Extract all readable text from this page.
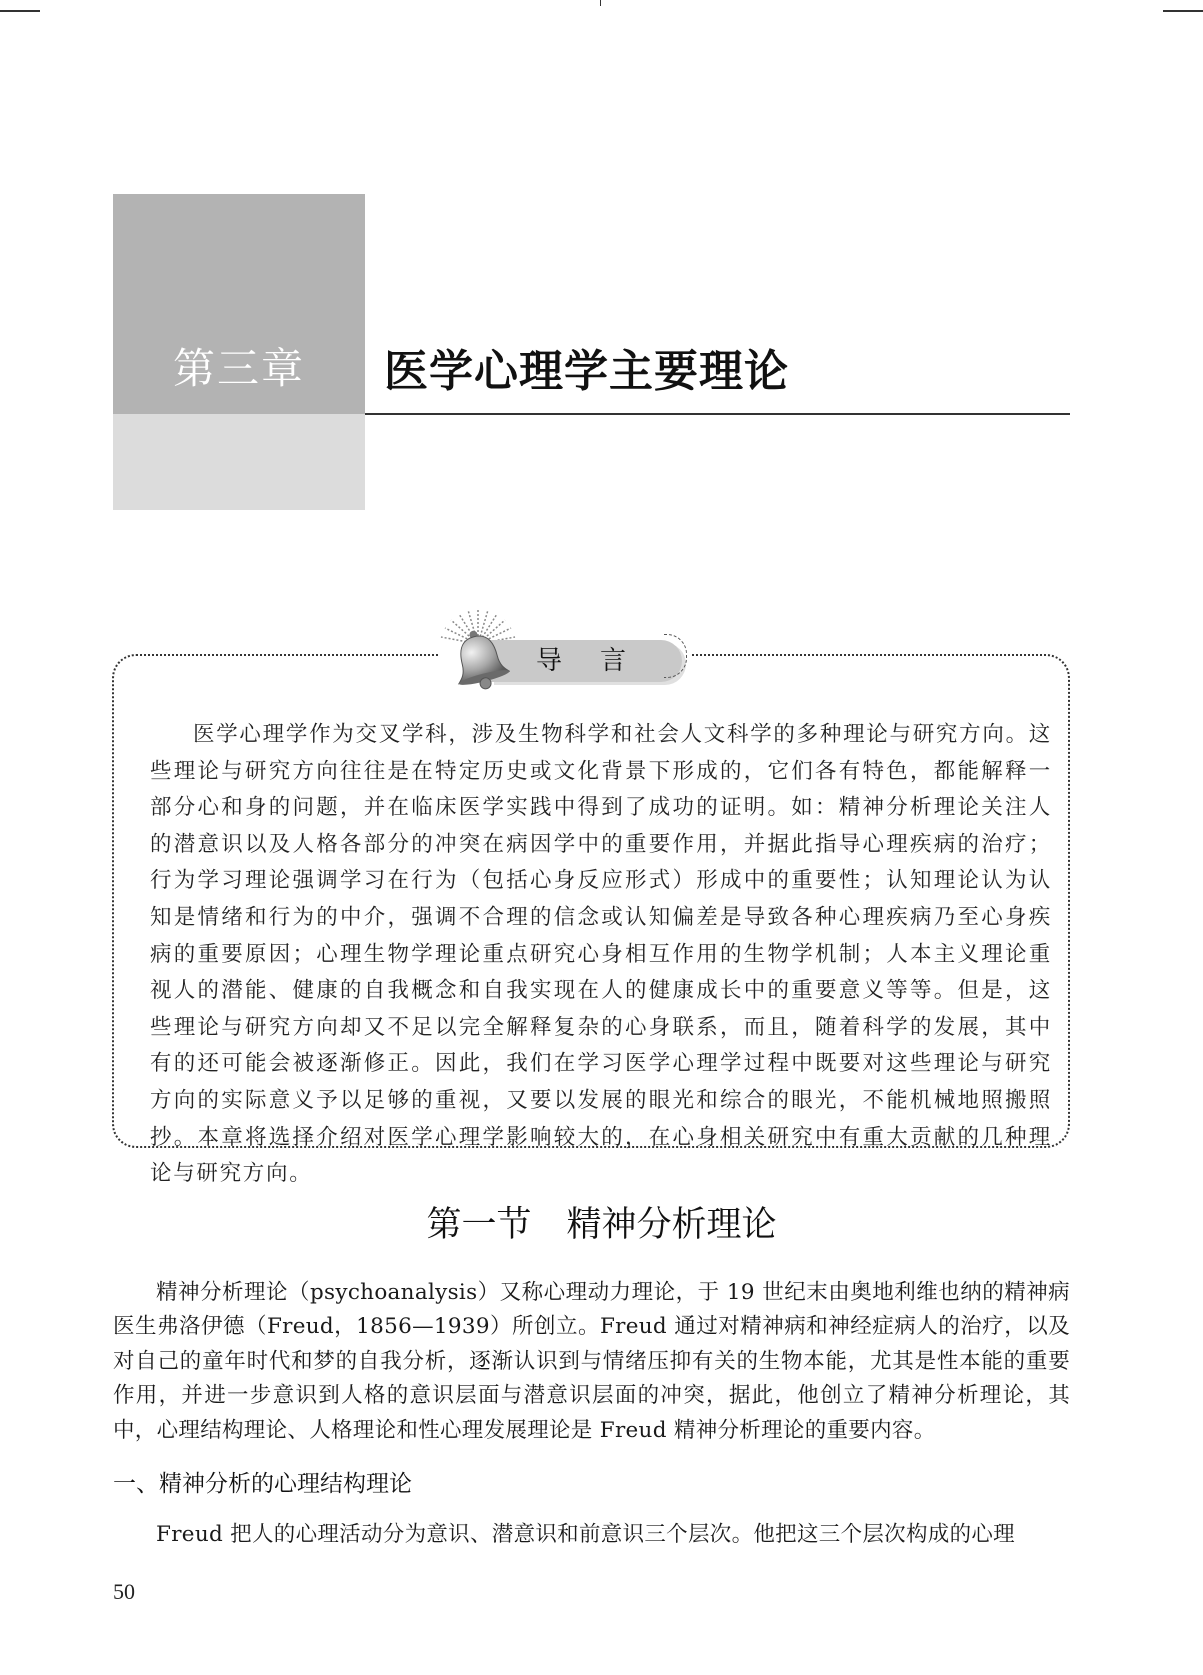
第三章	医学心理学主要理论
导言

医学心理学作为交叉学科，涉及生物科学和社会人文科学的多种理论与研究方向。这些理论与研究方向往往是在特定历史或文化背景下形成的，它们各有特色，都能解释一部分心和身的问题，并在临床医学实践中得到了成功的证明。如：精神分析理论关注人的潜意识以及人格各部分的冲突在病因学中的重要作用，并据此指导心理疾病的治疗；行为学习理论强调学习在行为（包括心身反应形式）形成中的重要性；认知理论认为认知是情绪和行为的中介，强调不合理的信念或认知偏差是导致各种心理疾病乃至心身疾病的重要原因；心理生物学理论重点研究心身相互作用的生物学机制；人本主义理论重视人的潜能、健康的自我概念和自我实现在人的健康成长中的重要意义等等。但是，这些理论与研究方向却又不足以完全解释复杂的心身联系，而且，随着科学的发展，其中有的还可能会被逐渐修正。因此，我们在学习医学心理学过程中既要对这些理论与研究方向的实际意义予以足够的重视，又要以发展的眼光和综合的眼光，不能机械地照搬照抄。本章将选择介绍对医学心理学影响较大的，在心身相关研究中有重大贡献的几种理论与研究方向。

第一节　精神分析理论

精神分析理论（psychoanalysis）又称心理动力理论，于 19 世纪末由奥地利维也纳的精神病医生弗洛伊德（Freud，1856—1939）所创立。Freud 通过对精神病和神经症病人的治疗，以及对自己的童年时代和梦的自我分析，逐渐认识到与情绪压抑有关的生物本能，尤其是性本能的重要作用，并进一步意识到人格的意识层面与潜意识层面的冲突，据此，他创立了精神分析理论，其中，心理结构理论、人格理论和性心理发展理论是 Freud 精神分析理论的重要内容。

一、精神分析的心理结构理论

Freud 把人的心理活动分为意识、潜意识和前意识三个层次。他把这三个层次构成的心理

50
